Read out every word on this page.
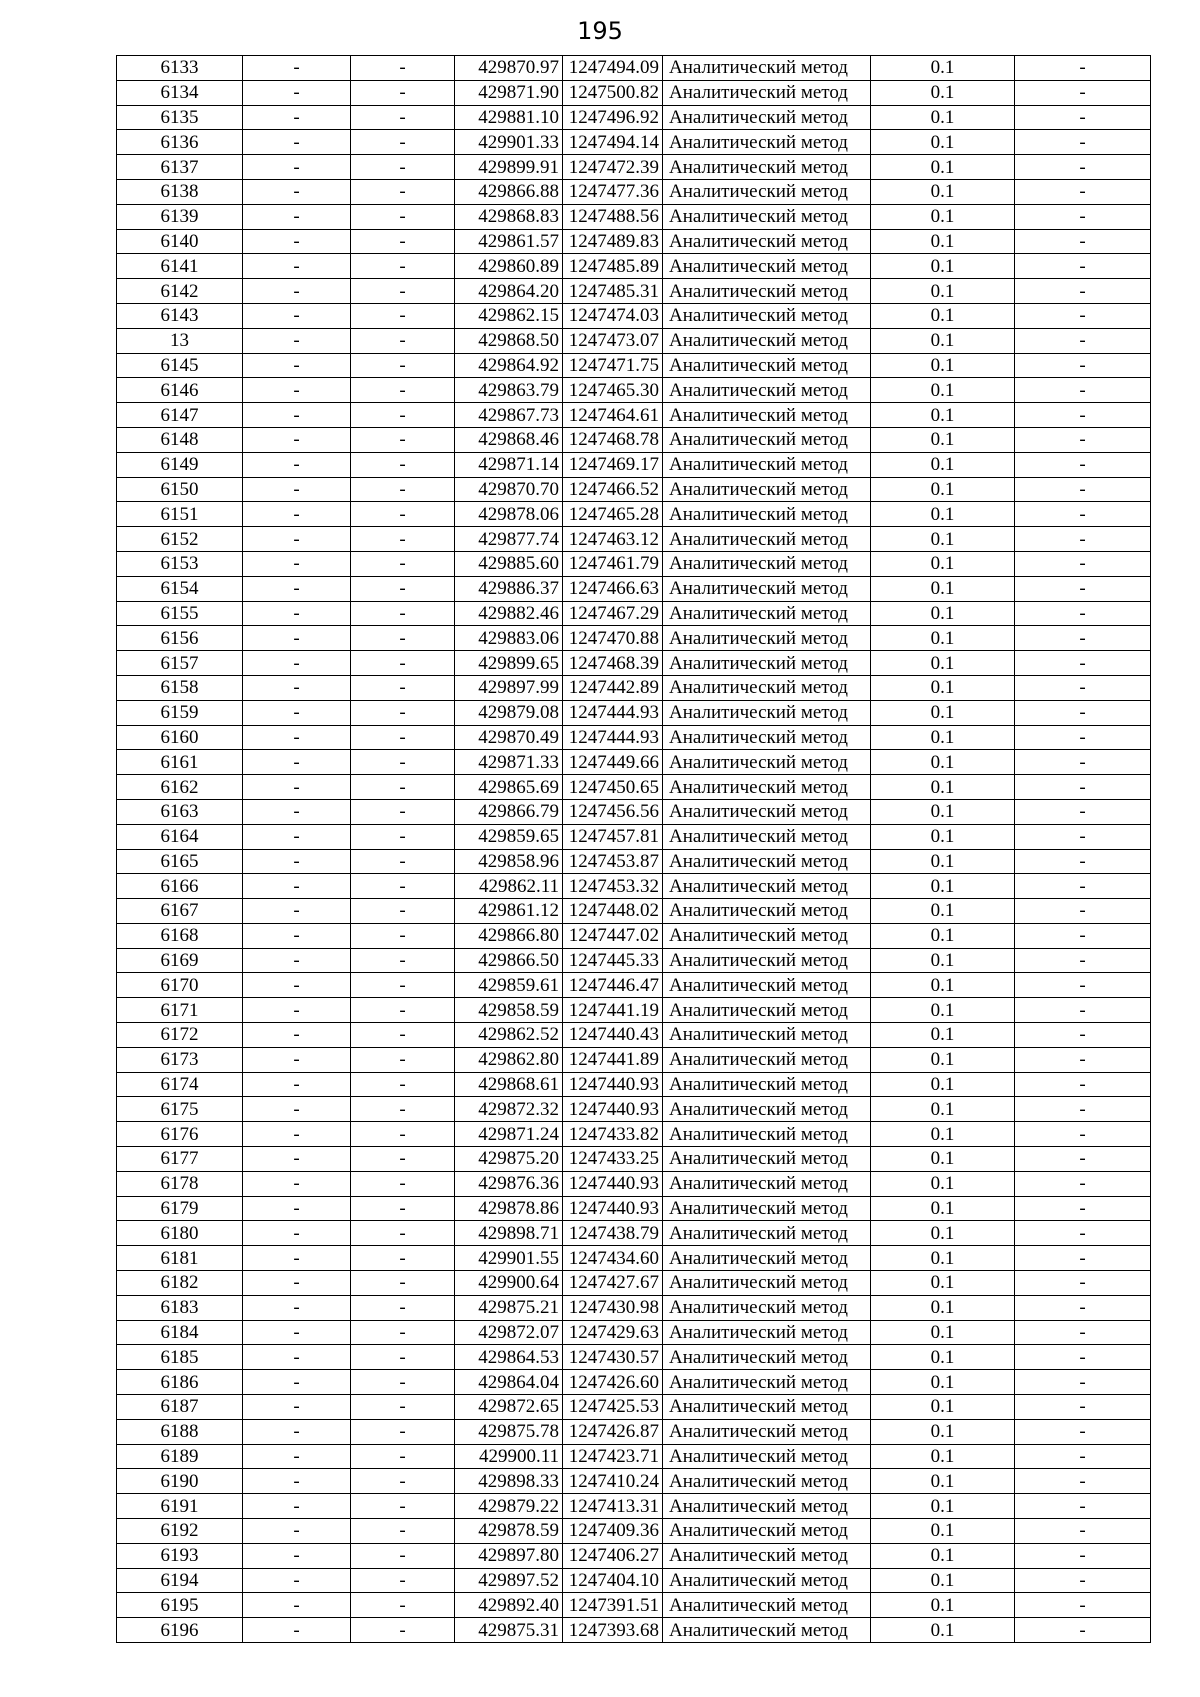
195
6133	-	-	429870.97	1247494.09	Аналитический метод	0.1	-
6134	-	-	429871.90	1247500.82	Аналитический метод	0.1	-
6135	-	-	429881.10	1247496.92	Аналитический метод	0.1	-
6136	-	-	429901.33	1247494.14	Аналитический метод	0.1	-
6137	-	-	429899.91	1247472.39	Аналитический метод	0.1	-
6138	-	-	429866.88	1247477.36	Аналитический метод	0.1	-
6139	-	-	429868.83	1247488.56	Аналитический метод	0.1	-
6140	-	-	429861.57	1247489.83	Аналитический метод	0.1	-
6141	-	-	429860.89	1247485.89	Аналитический метод	0.1	-
6142	-	-	429864.20	1247485.31	Аналитический метод	0.1	-
6143	-	-	429862.15	1247474.03	Аналитический метод	0.1	-
13	-	-	429868.50	1247473.07	Аналитический метод	0.1	-
6145	-	-	429864.92	1247471.75	Аналитический метод	0.1	-
6146	-	-	429863.79	1247465.30	Аналитический метод	0.1	-
6147	-	-	429867.73	1247464.61	Аналитический метод	0.1	-
6148	-	-	429868.46	1247468.78	Аналитический метод	0.1	-
6149	-	-	429871.14	1247469.17	Аналитический метод	0.1	-
6150	-	-	429870.70	1247466.52	Аналитический метод	0.1	-
6151	-	-	429878.06	1247465.28	Аналитический метод	0.1	-
6152	-	-	429877.74	1247463.12	Аналитический метод	0.1	-
6153	-	-	429885.60	1247461.79	Аналитический метод	0.1	-
6154	-	-	429886.37	1247466.63	Аналитический метод	0.1	-
6155	-	-	429882.46	1247467.29	Аналитический метод	0.1	-
6156	-	-	429883.06	1247470.88	Аналитический метод	0.1	-
6157	-	-	429899.65	1247468.39	Аналитический метод	0.1	-
6158	-	-	429897.99	1247442.89	Аналитический метод	0.1	-
6159	-	-	429879.08	1247444.93	Аналитический метод	0.1	-
6160	-	-	429870.49	1247444.93	Аналитический метод	0.1	-
6161	-	-	429871.33	1247449.66	Аналитический метод	0.1	-
6162	-	-	429865.69	1247450.65	Аналитический метод	0.1	-
6163	-	-	429866.79	1247456.56	Аналитический метод	0.1	-
6164	-	-	429859.65	1247457.81	Аналитический метод	0.1	-
6165	-	-	429858.96	1247453.87	Аналитический метод	0.1	-
6166	-	-	429862.11	1247453.32	Аналитический метод	0.1	-
6167	-	-	429861.12	1247448.02	Аналитический метод	0.1	-
6168	-	-	429866.80	1247447.02	Аналитический метод	0.1	-
6169	-	-	429866.50	1247445.33	Аналитический метод	0.1	-
6170	-	-	429859.61	1247446.47	Аналитический метод	0.1	-
6171	-	-	429858.59	1247441.19	Аналитический метод	0.1	-
6172	-	-	429862.52	1247440.43	Аналитический метод	0.1	-
6173	-	-	429862.80	1247441.89	Аналитический метод	0.1	-
6174	-	-	429868.61	1247440.93	Аналитический метод	0.1	-
6175	-	-	429872.32	1247440.93	Аналитический метод	0.1	-
6176	-	-	429871.24	1247433.82	Аналитический метод	0.1	-
6177	-	-	429875.20	1247433.25	Аналитический метод	0.1	-
6178	-	-	429876.36	1247440.93	Аналитический метод	0.1	-
6179	-	-	429878.86	1247440.93	Аналитический метод	0.1	-
6180	-	-	429898.71	1247438.79	Аналитический метод	0.1	-
6181	-	-	429901.55	1247434.60	Аналитический метод	0.1	-
6182	-	-	429900.64	1247427.67	Аналитический метод	0.1	-
6183	-	-	429875.21	1247430.98	Аналитический метод	0.1	-
6184	-	-	429872.07	1247429.63	Аналитический метод	0.1	-
6185	-	-	429864.53	1247430.57	Аналитический метод	0.1	-
6186	-	-	429864.04	1247426.60	Аналитический метод	0.1	-
6187	-	-	429872.65	1247425.53	Аналитический метод	0.1	-
6188	-	-	429875.78	1247426.87	Аналитический метод	0.1	-
6189	-	-	429900.11	1247423.71	Аналитический метод	0.1	-
6190	-	-	429898.33	1247410.24	Аналитический метод	0.1	-
6191	-	-	429879.22	1247413.31	Аналитический метод	0.1	-
6192	-	-	429878.59	1247409.36	Аналитический метод	0.1	-
6193	-	-	429897.80	1247406.27	Аналитический метод	0.1	-
6194	-	-	429897.52	1247404.10	Аналитический метод	0.1	-
6195	-	-	429892.40	1247391.51	Аналитический метод	0.1	-
6196	-	-	429875.31	1247393.68	Аналитический метод	0.1	-
